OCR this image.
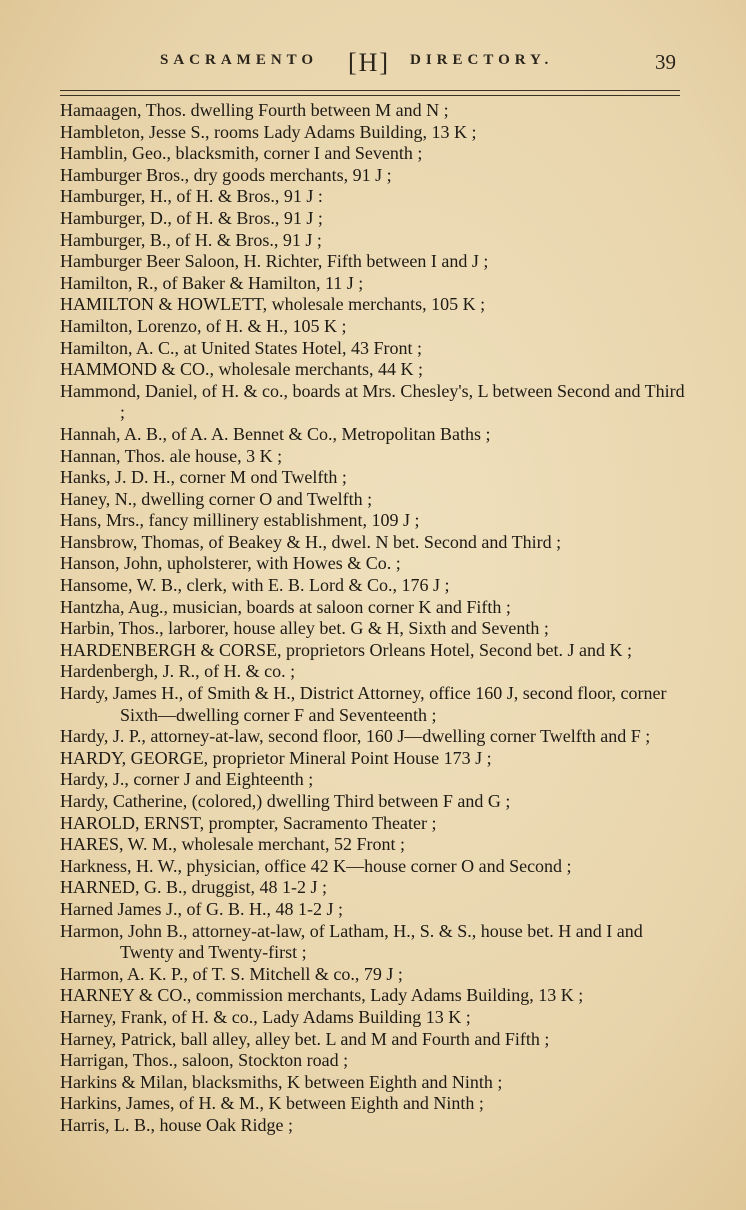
SACRAMENTO [H] DIRECTORY.	39

Hamaagen, Thos. dwelling Fourth between M and N ;

Hambleton, Jesse S., rooms Lady Adams Building, 13 K ;

Hamblin, Geo., blacksmith, corner I and Seventh ;

Hamburger Bros., dry goods merchants, 91 J ;

Hamburger, H., of H. & Bros., 91 J :

Hamburger, D., of H. & Bros., 91 J ;

Hamburger, B., of H. & Bros., 91 J ;

Hamburger Beer Saloon, H. Richter, Fifth between I and J ;

Hamilton, R., of Baker & Hamilton, 11 J ;

HAMILTON & HOWLETT, wholesale merchants, 105 K ;

Hamilton, Lorenzo, of H. & H., 105 K ;

Hamilton, A. C., at United States Hotel, 43 Front ;

HAMMOND & CO., wholesale merchants, 44 K ;

Hammond, Daniel, of H. & co., boards at Mrs. Chesley's, L between Second and Third ;

Hannah, A. B., of A. A. Bennet & Co., Metropolitan Baths ;

Hannan, Thos. ale house, 3 K ;

Hanks, J. D. H., corner M ond Twelfth ;

Haney, N., dwelling corner O and Twelfth ;

Hans, Mrs., fancy millinery establishment, 109 J ;

Hansbrow, Thomas, of Beakey & H., dwel. N bet. Second and Third ;

Hanson, John, upholsterer, with Howes & Co. ;

Hansome, W. B., clerk, with E. B. Lord & Co., 176 J ;

Hantzha, Aug., musician, boards at saloon corner K and Fifth ;

Harbin, Thos., larborer, house alley bet. G & H, Sixth and Seventh ;

HARDENBERGH & CORSE, proprietors Orleans Hotel, Second bet. J and K ;

Hardenbergh, J. R., of H. & co. ;

Hardy, James H., of Smith & H., District Attorney, office 160 J, second floor, corner Sixth—dwelling corner F and Seventeenth ;

Hardy, J. P., attorney-at-law, second floor, 160 J—dwelling corner Twelfth and F ;

HARDY, GEORGE, proprietor Mineral Point House 173 J ;

Hardy, J., corner J and Eighteenth ;

Hardy, Catherine, (colored,) dwelling Third between F and G ;

HAROLD, ERNST, prompter, Sacramento Theater ;

HARES, W. M., wholesale merchant, 52 Front ;

Harkness, H. W., physician, office 42 K—house corner O and Second ;

HARNED, G. B., druggist, 48 1-2 J ;

Harned James J., of G. B. H., 48 1-2 J ;

Harmon, John B., attorney-at-law, of Latham, H., S. & S., house bet. H and I and Twenty and Twenty-first ;

Harmon, A. K. P., of T. S. Mitchell & co., 79 J ;

HARNEY & CO., commission merchants, Lady Adams Building, 13 K ;

Harney, Frank, of H. & co., Lady Adams Building 13 K ;

Harney, Patrick, ball alley, alley bet. L and M and Fourth and Fifth ;

Harrigan, Thos., saloon, Stockton road ;

Harkins & Milan, blacksmiths, K between Eighth and Ninth ;

Harkins, James, of H. & M., K between Eighth and Ninth ;

Harris, L. B., house Oak Ridge ;
